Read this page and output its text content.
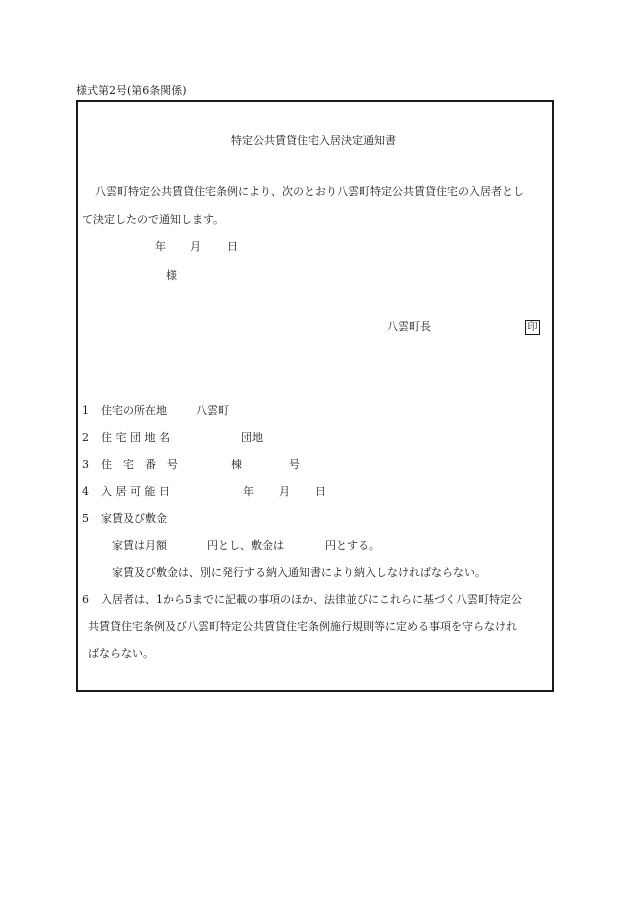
様式第2号(第6条関係)
特定公共賃貸住宅入居決定通知書
八雲町特定公共賃貸住宅条例により、次のとおり八雲町特定公共賃貸住宅の入居者とし
て決定したので通知します。
年 月 日
様
八雲町長	印
1 住宅の所在地	八雲町
2 住 宅 団 地 名	団地
3 住　宅　番　号	棟	号
4 入 居 可 能 日	年 月 日
5 家賃及び敷金
家賃は月額	円とし、敷金は	円とする。
家賃及び敷金は、別に発行する納入通知書により納入しなければならない。
6 入居者は、1から5までに記載の事項のほか、法律並びにこれらに基づく八雲町特定公
共賃貸住宅条例及び八雲町特定公共賃貸住宅条例施行規則等に定める事項を守らなけれ
ばならない。
